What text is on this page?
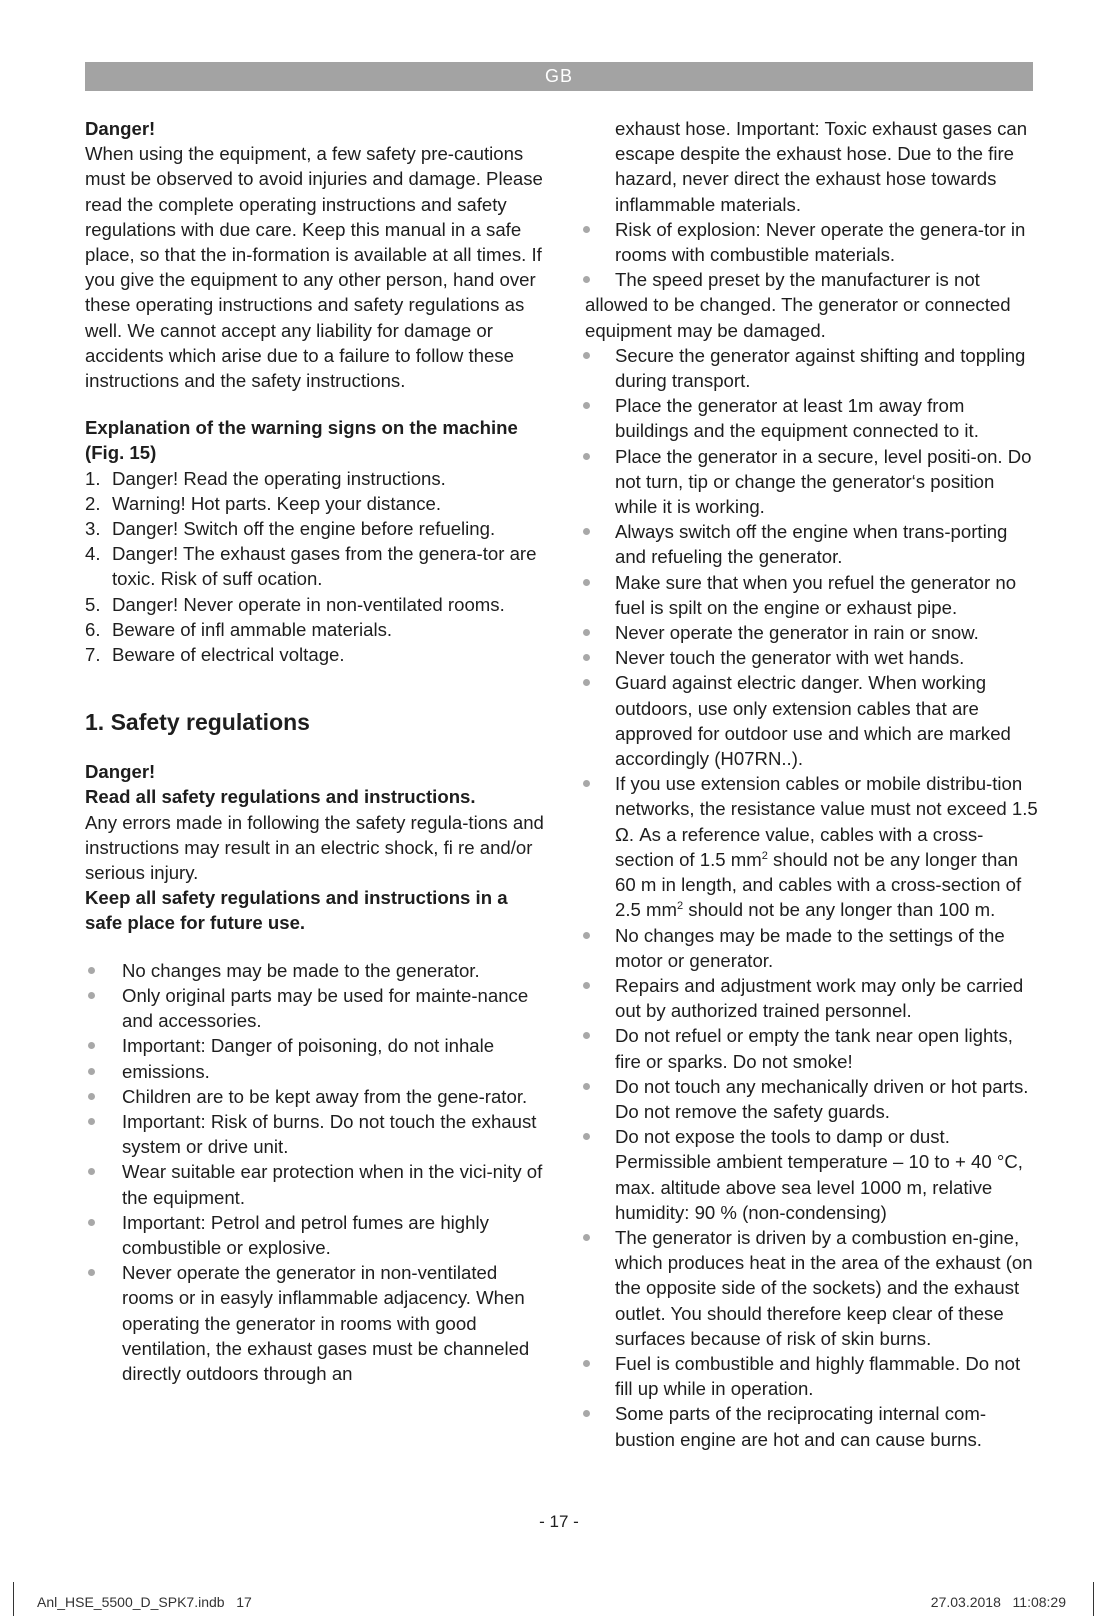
GB

Danger!

When using the equipment, a few safety pre-cautions must be observed to avoid injuries and damage. Please read the complete operating instructions and safety regulations with due care. Keep this manual in a safe place, so that the in-formation is available at all times. If you give the equipment to any other person, hand over these operating instructions and safety regulations as well. We cannot accept any liability for damage or accidents which arise due to a failure to follow these instructions and the safety instructions.

Explanation of the warning signs on the machine (Fig. 15)

1. Danger! Read the operating instructions.
2. Warning! Hot parts. Keep your distance.
3. Danger! Switch off the engine before refueling.
4. Danger! The exhaust gases from the genera-tor are toxic. Risk of suff ocation.
5. Danger! Never operate in non-ventilated rooms.
6. Beware of infl ammable materials.
7. Beware of electrical voltage.

1. Safety regulations

Danger!

Read all safety regulations and instructions.

Any errors made in following the safety regula-tions and instructions may result in an electric shock, fi re and/or serious injury.

Keep all safety regulations and instructions in a safe place for future use.

No changes may be made to the generator.
Only original parts may be used for mainte-nance and accessories.
Important: Danger of poisoning, do not inhale
emissions.
Children are to be kept away from the gene-rator.
Important: Risk of burns. Do not touch the exhaust system or drive unit.
Wear suitable ear protection when in the vici-nity of the equipment.
Important: Petrol and petrol fumes are highly combustible or explosive.
Never operate the generator in non-ventilated rooms or in easyly inflammable adjacency. When operating the generator in rooms with good ventilation, the exhaust gases must be channeled directly outdoors through an
exhaust hose. Important: Toxic exhaust gases can escape despite the exhaust hose. Due to the fire hazard, never direct the exhaust hose towards inflammable materials.
Risk of explosion: Never operate the genera-tor in rooms with combustible materials.
The speed preset by the manufacturer is not
allowed to be changed. The generator or connected equipment may be damaged.
Secure the generator against shifting and toppling during transport.
Place the generator at least 1m away from buildings and the equipment connected to it.
Place the generator in a secure, level positi-on. Do not turn, tip or change the generator‘s position while it is working.
Always switch off the engine when trans-porting and refueling the generator.
Make sure that when you refuel the generator no fuel is spilt on the engine or exhaust pipe.
Never operate the generator in rain or snow.
Never touch the generator with wet hands.
Guard against electric danger. When working outdoors, use only extension cables that are approved for outdoor use and which are marked accordingly (H07RN..).
If you use extension cables or mobile distribu-tion networks, the resistance value must not exceed 1.5 Ω. As a reference value, cables with a cross-section of 1.5 $mm^2$ should not be any longer than 60 m in length, and cables with a cross-section of 2.5 $mm^2$ should not be any longer than 100 m.
No changes may be made to the settings of the motor or generator.
Repairs and adjustment work may only be carried out by authorized trained personnel.
Do not refuel or empty the tank near open lights, fire or sparks. Do not smoke!
Do not touch any mechanically driven or hot parts. Do not remove the safety guards.
Do not expose the tools to damp or dust. Permissible ambient temperature – 10 to + 40 °C, max. altitude above sea level 1000 m, relative humidity: 90 % (non-condensing)
The generator is driven by a combustion en-gine, which produces heat in the area of the exhaust (on the opposite side of the sockets) and the exhaust outlet. You should therefore keep clear of these surfaces because of risk of skin burns.
Fuel is combustible and highly flammable. Do not fill up while in operation.
Some parts of the reciprocating internal com-bustion engine are hot and can cause burns.
- 17 -
Anl_HSE_5500_D_SPK7.indb   17	27.03.2018   11:08:29
